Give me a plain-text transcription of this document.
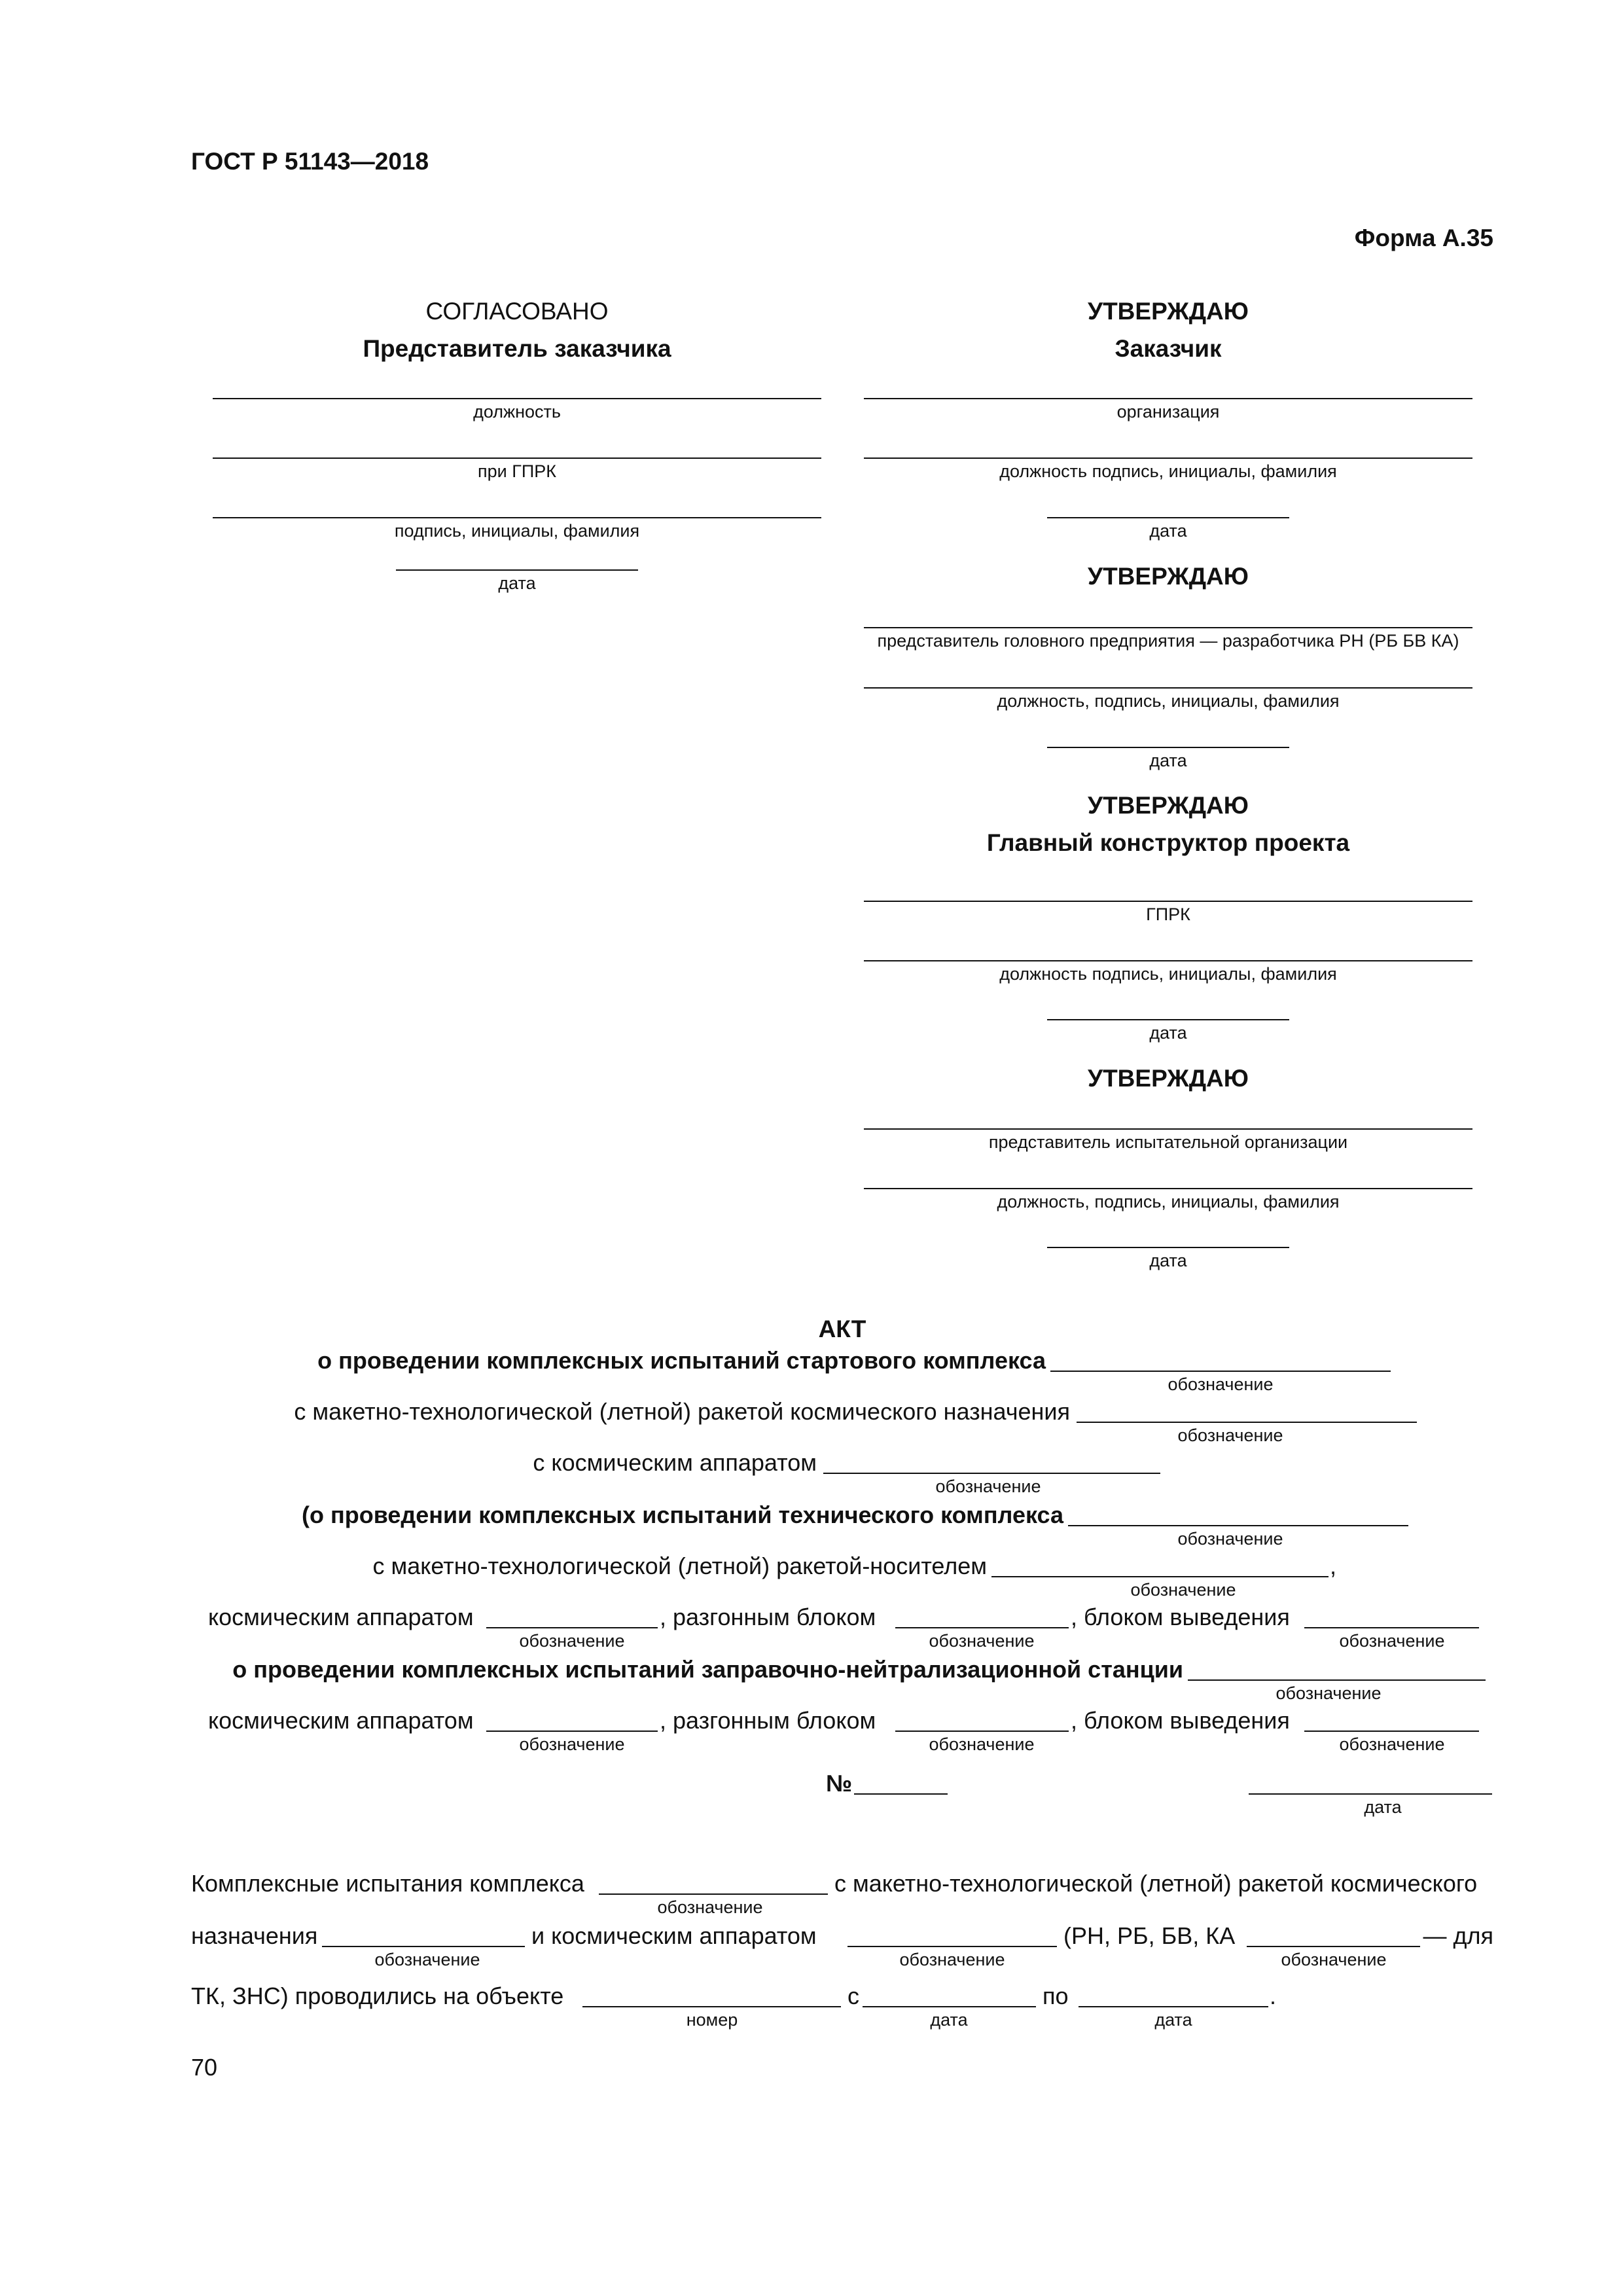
ГОСТ Р 51143—2018
Форма А.35
СОГЛАСОВАНО
Представитель заказчика
должность
при ГПРК
подпись, инициалы, фамилия
дата
УТВЕРЖДАЮ
Заказчик
организация
должность подпись, инициалы, фамилия
дата
УТВЕРЖДАЮ
представитель головного предприятия — разработчика РН (РБ БВ КА)
должность, подпись, инициалы, фамилия
дата
УТВЕРЖДАЮ
Главный конструктор проекта
ГПРК
должность подпись, инициалы, фамилия
дата
УТВЕРЖДАЮ
представитель испытательной организации
должность, подпись, инициалы, фамилия
дата
АКТ
о проведении комплексных испытаний стартового комплекса
обозначение
с макетно-технологической (летной) ракетой космического назначения
обозначение
с космическим аппаратом
обозначение
(о проведении комплексных испытаний технического комплекса
обозначение
с макетно-технологической (летной) ракетой-носителем	,
обозначение
космическим аппаратом
обозначение
, разгонным блоком
обозначение
, блоком выведения
обозначение
о проведении комплексных испытаний заправочно-нейтрализационной станции
обозначение
космическим аппаратом
обозначение
, разгонным блоком
обозначение
, блоком выведения
обозначение
№
дата
Комплексные испытания комплекса
обозначение
с макетно-технологической (летной) ракетой космического
назначения
обозначение
и космическим аппаратом
обозначение
(РН, РБ, БВ, КА
обозначение
— для
ТК, ЗНС) проводились на объекте
номер
с
дата
по
дата
.
70
